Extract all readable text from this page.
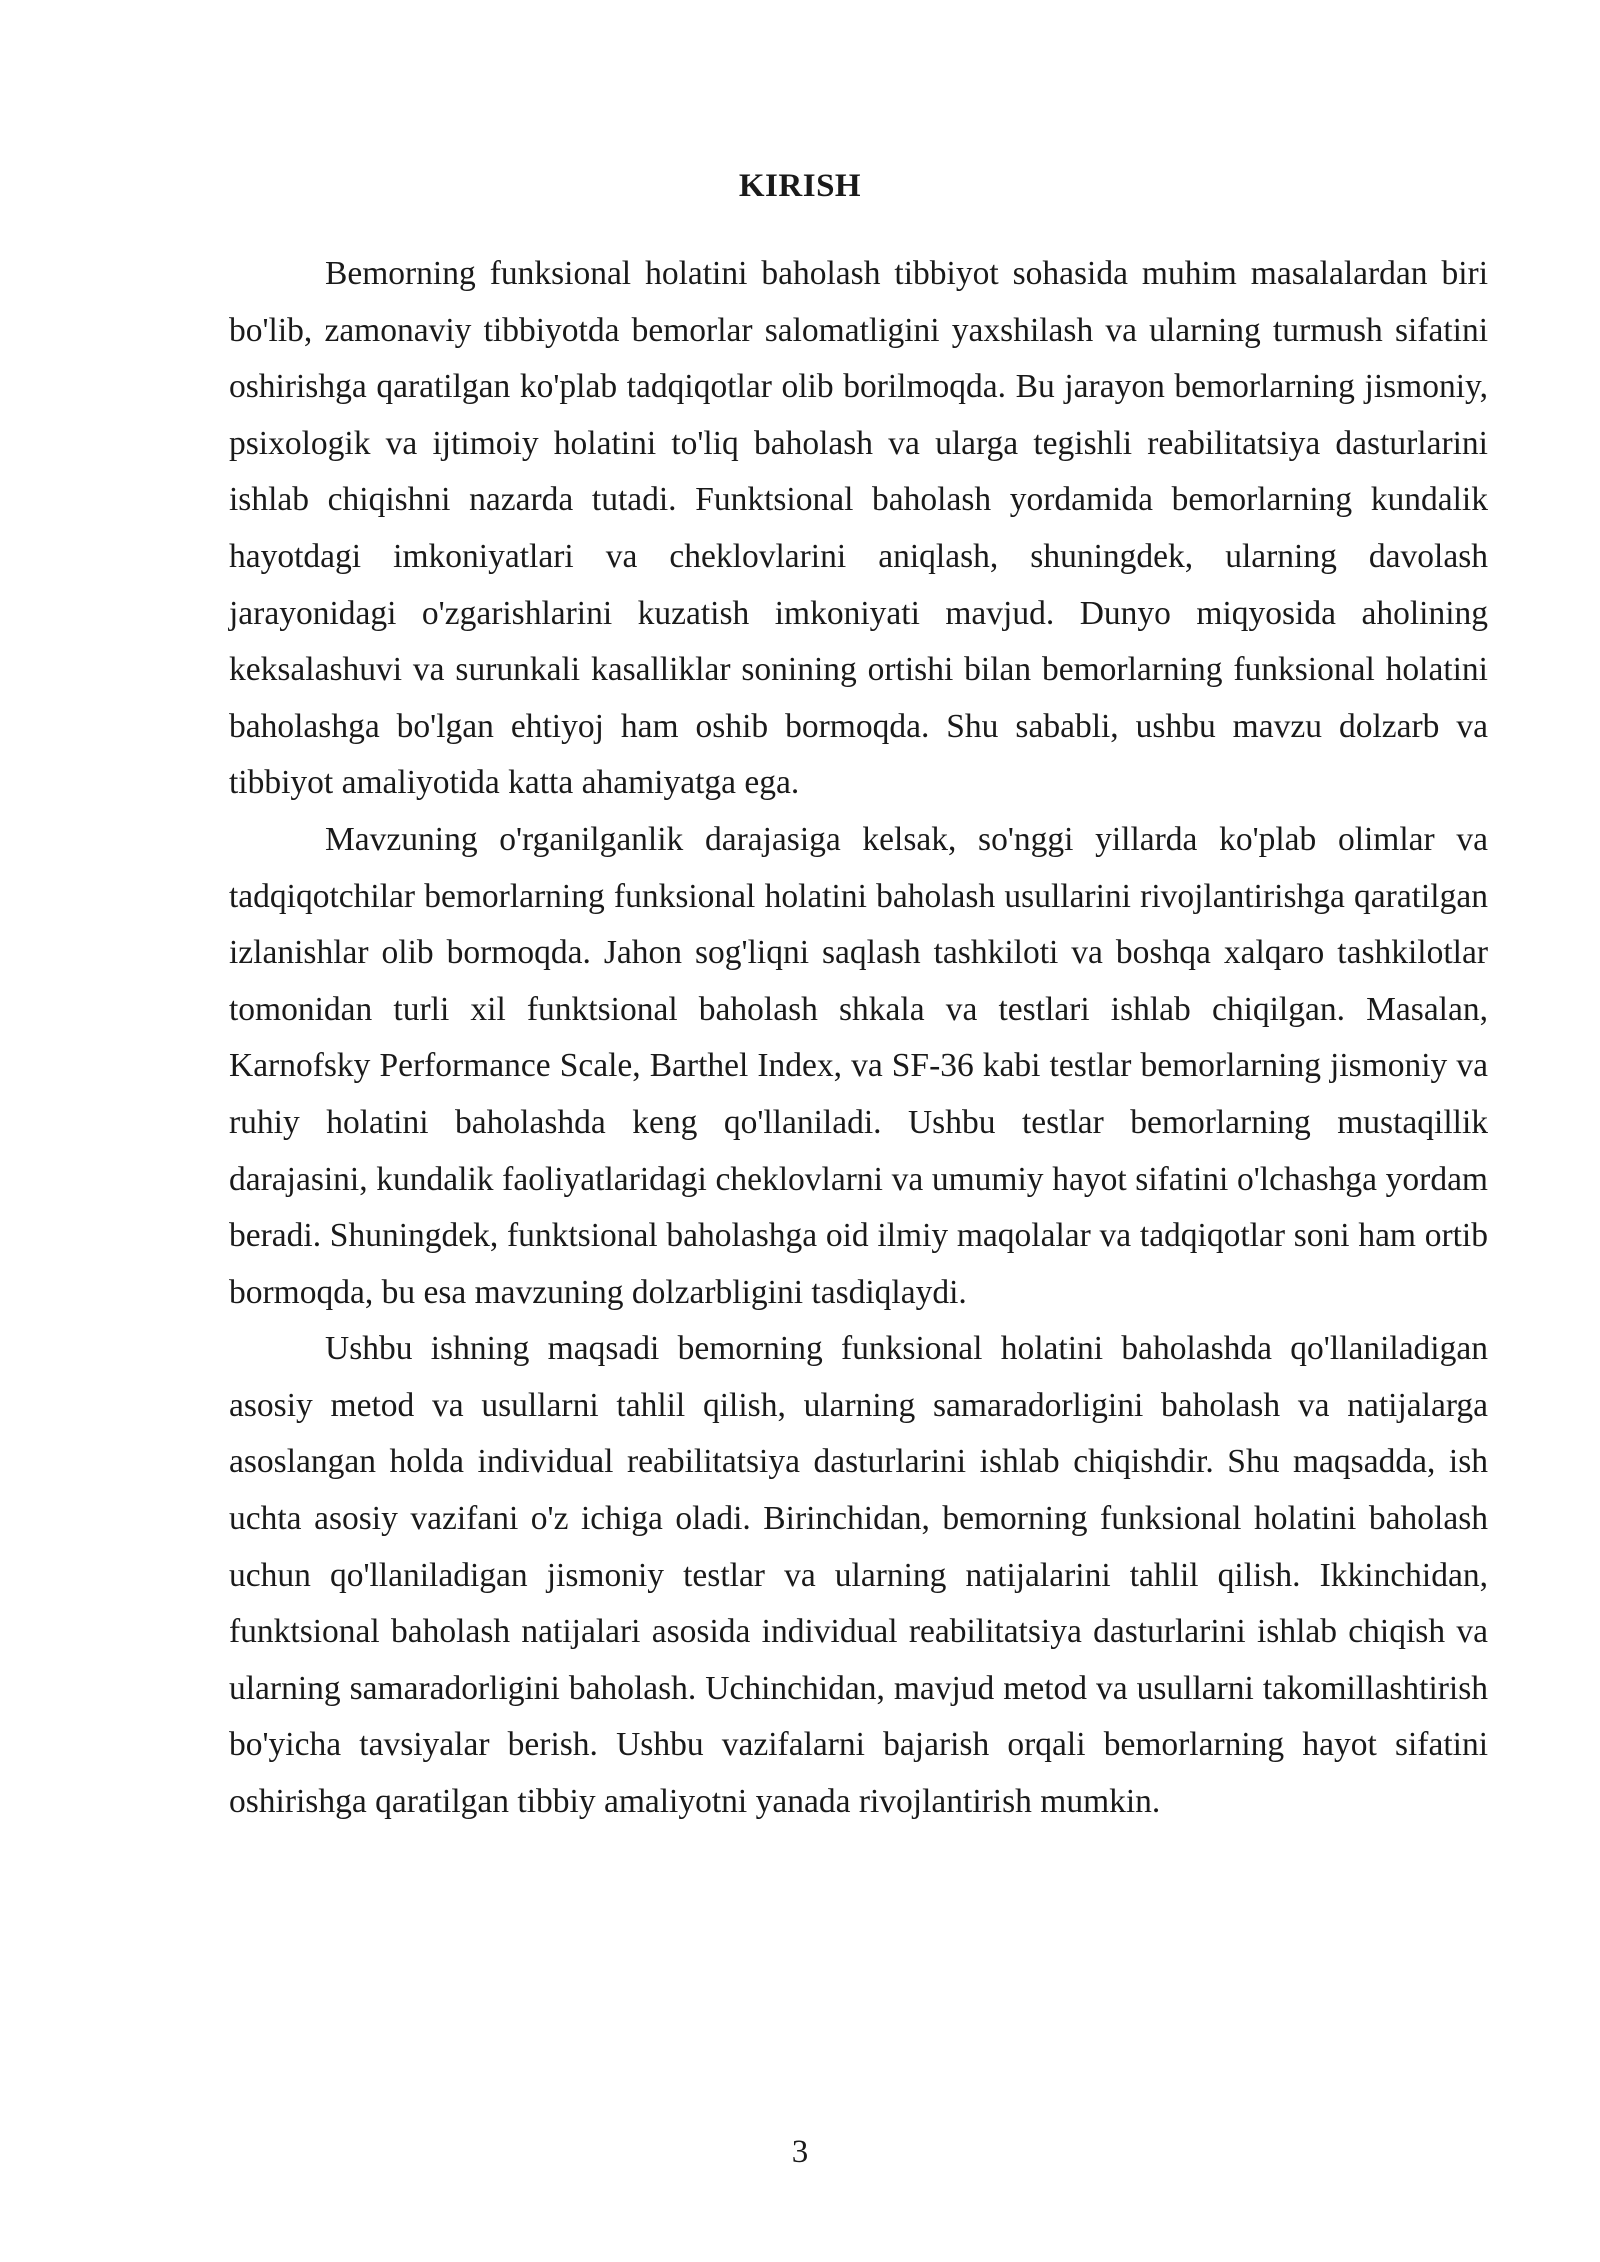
KIRISH

Bemorning funksional holatini baholash tibbiyot sohasida muhim masalalardan biri bo'lib, zamonaviy tibbiyotda bemorlar salomatligini yaxshilash va ularning turmush sifatini oshirishga qaratilgan ko'plab tadqiqotlar olib borilmoqda. Bu jarayon bemorlarning jismoniy, psixologik va ijtimoiy holatini to'liq baholash va ularga tegishli reabilitatsiya dasturlarini ishlab chiqishni nazarda tutadi. Funktsional baholash yordamida bemorlarning kundalik hayotdagi imkoniyatlari va cheklovlarini aniqlash, shuningdek, ularning davolash jarayonidagi o'zgarishlarini kuzatish imkoniyati mavjud. Dunyo miqyosida aholining keksalashuvi va surunkali kasalliklar sonining ortishi bilan bemorlarning funksional holatini baholashga bo'lgan ehtiyoj ham oshib bormoqda. Shu sababli, ushbu mavzu dolzarb va tibbiyot amaliyotida katta ahamiyatga ega.

Mavzuning o'rganilganlik darajasiga kelsak, so'nggi yillarda ko'plab olimlar va tadqiqotchilar bemorlarning funksional holatini baholash usullarini rivojlantirishga qaratilgan izlanishlar olib bormoqda. Jahon sog'liqni saqlash tashkiloti va boshqa xalqaro tashkilotlar tomonidan turli xil funktsional baholash shkala va testlari ishlab chiqilgan. Masalan, Karnofsky Performance Scale, Barthel Index, va SF-36 kabi testlar bemorlarning jismoniy va ruhiy holatini baholashda keng qo'llaniladi. Ushbu testlar bemorlarning mustaqillik darajasini, kundalik faoliyatlaridagi cheklovlarni va umumiy hayot sifatini o'lchashga yordam beradi. Shuningdek, funktsional baholashga oid ilmiy maqolalar va tadqiqotlar soni ham ortib bormoqda, bu esa mavzuning dolzarbligini tasdiqlaydi.

Ushbu ishning maqsadi bemorning funksional holatini baholashda qo'llaniladigan asosiy metod va usullarni tahlil qilish, ularning samaradorligini baholash va natijalarga asoslangan holda individual reabilitatsiya dasturlarini ishlab chiqishdir. Shu maqsadda, ish uchta asosiy vazifani o'z ichiga oladi. Birinchidan, bemorning funksional holatini baholash uchun qo'llaniladigan jismoniy testlar va ularning natijalarini tahlil qilish. Ikkinchidan, funktsional baholash natijalari asosida individual reabilitatsiya dasturlarini ishlab chiqish va ularning samaradorligini baholash. Uchinchidan, mavjud metod va usullarni takomillashtirish bo'yicha tavsiyalar berish. Ushbu vazifalarni bajarish orqali bemorlarning hayot sifatini oshirishga qaratilgan tibbiy amaliyotni yanada rivojlantirish mumkin.

3
